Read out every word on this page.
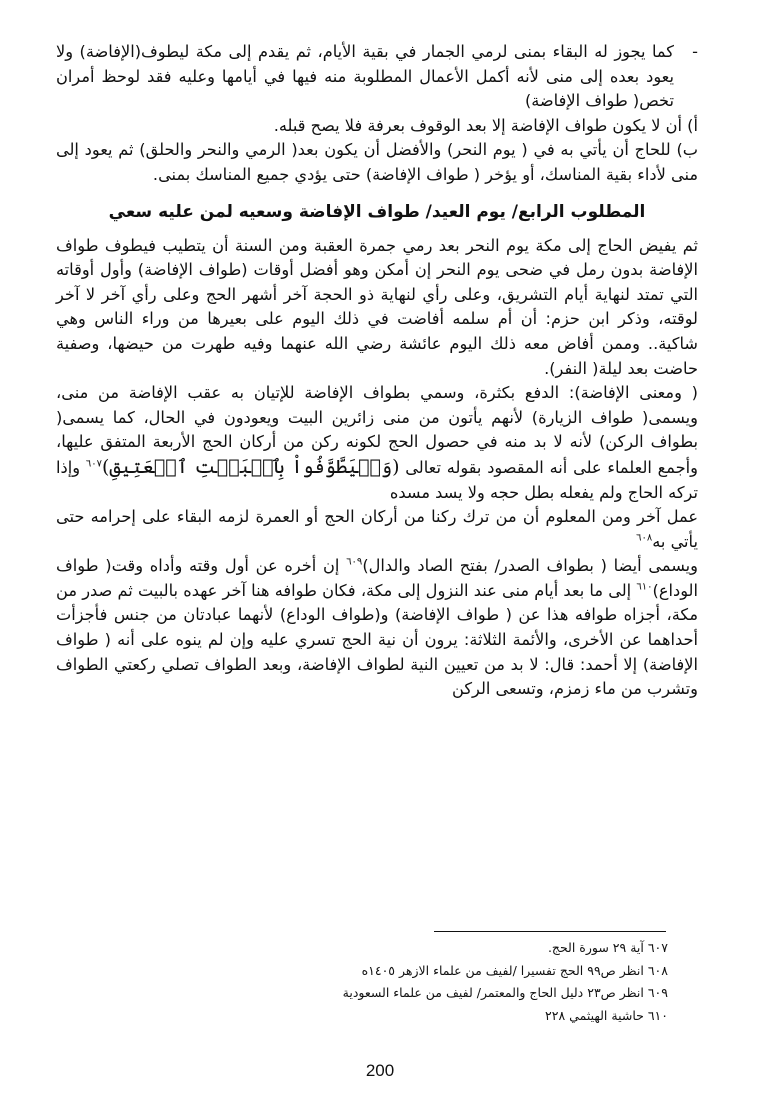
-
كما يجوز له البقاء بمنى لرمي الجمار في بقية الأيام، ثم يقدم إلى مكة ليطوف(الإفاضة) ولا يعود بعده إلى منى لأنه أكمل الأعمال المطلوبة منه فيها في أيامها وعليه فقد لوحظ أمران تخص( طواف الإفاضة)

أ) أن لا يكون طواف الإفاضة إلا بعد الوقوف بعرفة فلا يصح قبله.

ب) للحاج أن يأتي به في ( يوم النحر) والأفضل أن يكون بعد( الرمي والنحر والحلق) ثم يعود إلى منى لأداء بقية المناسك، أو يؤخر ( طواف الإفاضة) حتى يؤدي جميع المناسك بمنى.

المطلوب الرابع/ يوم العيد/ طواف الإفاضة وسعيه لمن عليه سعي

ثم يفيض الحاج إلى مكة يوم النحر بعد رمي جمرة العقبة ومن السنة أن يتطيب فيطوف طواف الإفاضة بدون رمل في ضحى يوم النحر إن أمكن وهو أفضل أوقات (طواف الإفاضة) وأول أوقاته التي تمتد لنهاية أيام التشريق، وعلى رأي لنهاية ذو الحجة آخر أشهر الحج وعلى رأي آخر لا آخر لوقته، وذكر ابن حزم: أن أم سلمه أفاضت في ذلك اليوم على بعيرها من وراء الناس وهي شاكية.. وممن أفاض معه ذلك اليوم عائشة رضي الله عنهما وفيه طهرت من حيضها، وصفية حاضت بعد ليلة( النفر).

( ومعنى الإفاضة): الدفع بكثرة، وسمي بطواف الإفاضة للإتيان به عقب الإفاضة من منى، ويسمى( طواف الزيارة) لأنهم يأتون من منى زائرين البيت ويعودون في الحال، كما يسمى( بطواف الركن) لأنه لا بد منه في حصول الحج لكونه ركن من أركان الحج الأربعة المتفق عليها، وأجمع العلماء على أنه المقصود بقوله تعالى (وَلۡيَطَّوَّفُواْ بِٱلۡبَيۡتِ ٱلۡعَتِيقِ)$^{٦٠٧}$ وإذا تركه الحاج ولم يفعله بطل حجه ولا يسد مسده

عمل آخر ومن المعلوم أن من ترك ركنا من أركان الحج أو العمرة لزمه البقاء على إحرامه حتى يأتي به$^{٦٠٨}$

ويسمى أيضا ( بطواف الصدر/ بفتح الصاد والدال)$^{٦٠٩}$ إن أخره عن أول وقته وأداه وقت( طواف الوداع)$^{٦١٠}$ إلى ما بعد أيام منى عند النزول إلى مكة، فكان طوافه هنا آخر عهده بالبيت ثم صدر من مكة، أجزاه طوافه هذا عن ( طواف الإفاضة) و(طواف الوداع) لأنهما عبادتان من جنس فأجزأت أحداهما عن الأخرى، والأئمة الثلاثة: يرون أن نية الحج تسري عليه وإن لم ينوه على أنه ( طواف الإفاضة) إلا أحمد: قال: لا بد من تعيين النية لطواف الإفاضة، وبعد الطواف تصلي ركعتي الطواف وتشرب من ماء زمزم، وتسعى الركن

٦٠٧ آية ٢٩ سورة الحج.

٦٠٨ انظر ص٩٩ الحج تفسيرا /لفيف من علماء الازهر ١٤٠٥ه

٦٠٩ انظر ص٢٣ دليل الحاج والمعتمر/ لفيف من علماء السعودية

٦١٠ حاشية الهيثمي ٢٢٨

200
